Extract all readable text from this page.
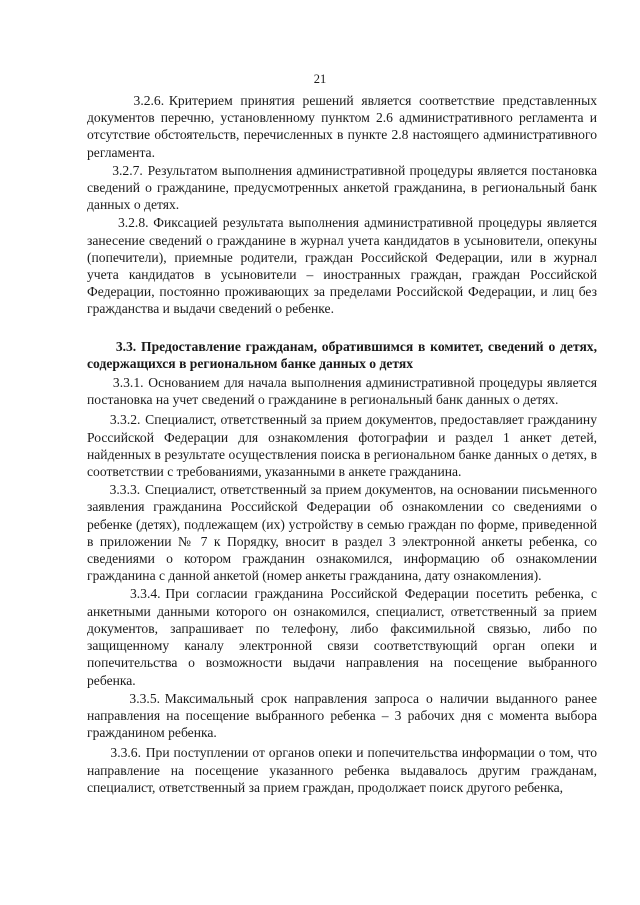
21

3.2.6. Критерием принятия решений является соответствие представленных документов перечню, установленному пунктом 2.6 административного регламента и отсутствие обстоятельств, перечисленных в пункте 2.8 настоящего административного регламента.

3.2.7. Результатом выполнения административной процедуры является постановка сведений о гражданине, предусмотренных анкетой гражданина, в региональный банк данных о детях.

3.2.8. Фиксацией результата выполнения административной процедуры является занесение сведений о гражданине в журнал учета кандидатов в усыновители, опекуны (попечители), приемные родители, граждан Российской Федерации, или в журнал учета кандидатов в усыновители – иностранных граждан, граждан Российской Федерации, постоянно проживающих за пределами Российской Федерации, и лиц без гражданства и выдачи сведений о ребенке.

3.3. Предоставление гражданам, обратившимся в комитет, сведений о детях, содержащихся в региональном банке данных о детях

3.3.1. Основанием для начала выполнения административной процедуры является постановка на учет сведений о гражданине в региональный банк данных о детях.

3.3.2. Специалист, ответственный за прием документов, предоставляет гражданину Российской Федерации для ознакомления фотографии и раздел 1 анкет детей, найденных в результате осуществления поиска в региональном банке данных о детях, в соответствии с требованиями, указанными в анкете гражданина.

3.3.3. Специалист, ответственный за прием документов, на основании письменного заявления гражданина Российской Федерации об ознакомлении со сведениями о ребенке (детях), подлежащем (их) устройству в семью граждан по форме, приведенной в приложении № 7 к Порядку, вносит в раздел 3 электронной анкеты ребенка, со сведениями о котором гражданин ознакомился, информацию об ознакомлении гражданина с данной анкетой (номер анкеты гражданина, дату ознакомления).

3.3.4. При согласии гражданина Российской Федерации посетить ребенка, с анкетными данными которого он ознакомился, специалист, ответственный за прием документов, запрашивает по телефону, либо факсимильной связью, либо по защищенному каналу электронной связи соответствующий орган опеки и попечительства о возможности выдачи направления на посещение выбранного ребенка.

3.3.5. Максимальный срок направления запроса о наличии выданного ранее направления на посещение выбранного ребенка – 3 рабочих дня с момента выбора гражданином ребенка.

3.3.6. При поступлении от органов опеки и попечительства информации о том, что направление на посещение указанного ребенка выдавалось другим гражданам, специалист, ответственный за прием граждан, продолжает поиск другого ребенка,
